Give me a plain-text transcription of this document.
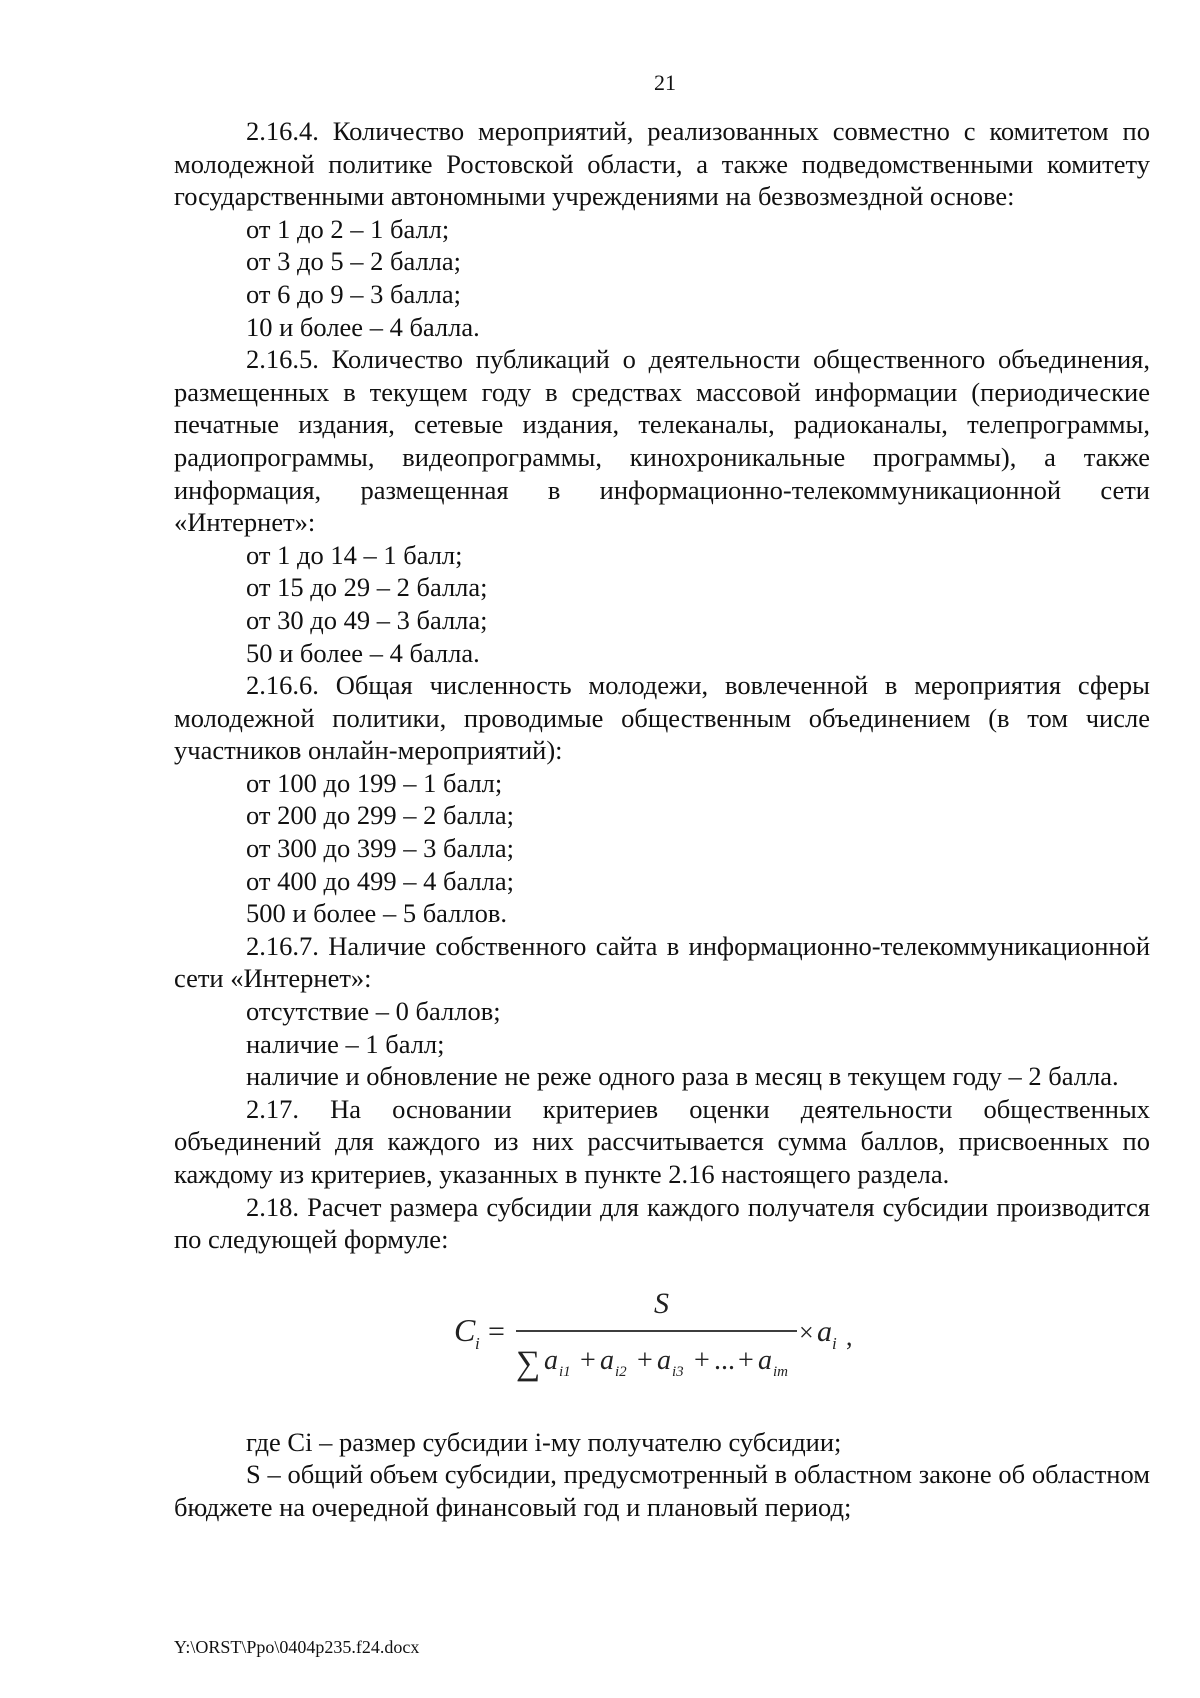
21

2.16.4. Количество мероприятий, реализованных совместно с комитетом по молодежной политике Ростовской области, а также подведомственными комитету государственными автономными учреждениями на безвозмездной основе:

от 1 до 2 – 1 балл;

от 3 до 5 – 2 балла;

от 6 до 9 – 3 балла;

10 и более – 4 балла.

2.16.5. Количество публикаций о деятельности общественного объединения, размещенных в текущем году в средствах массовой информации (периодические печатные издания, сетевые издания, телеканалы, радиоканалы, телепрограммы, радиопрограммы, видеопрограммы, кинохроникальные программы), а также информация, размещенная в информационно-телекоммуникационной сети «Интернет»:

от 1 до 14 – 1 балл;

от 15 до 29 – 2 балла;

от 30 до 49 – 3 балла;

50 и более – 4 балла.

2.16.6. Общая численность молодежи, вовлеченной в мероприятия сферы молодежной политики, проводимые общественным объединением (в том числе участников онлайн-мероприятий):

от 100 до 199 – 1 балл;

от 200 до 299 – 2 балла;

от 300 до 399 – 3 балла;

от 400 до 499 – 4 балла;

500 и более – 5 баллов.

2.16.7. Наличие собственного сайта в информационно-телекоммуникационной сети «Интернет»:

отсутствие – 0 баллов;

наличие – 1 балл;

наличие и обновление не реже одного раза в месяц в текущем году – 2 балла.

2.17. На основании критериев оценки деятельности общественных объединений для каждого из них рассчитывается сумма баллов, присвоенных по каждому из критериев, указанных в пункте 2.16 настоящего раздела.

2.18. Расчет размера субсидии для каждого получателя субсидии производится по следующей формуле:

C i =
S
∑ a i1 + a i2 + a i3 + ... + a im
× a i ,

где Ci – размер субсидии i-му получателю субсидии;

S – общий объем субсидии, предусмотренный в областном законе об областном бюджете на очередной финансовый год и плановый период;

Y:\ORST\Ppo\0404p235.f24.docx
